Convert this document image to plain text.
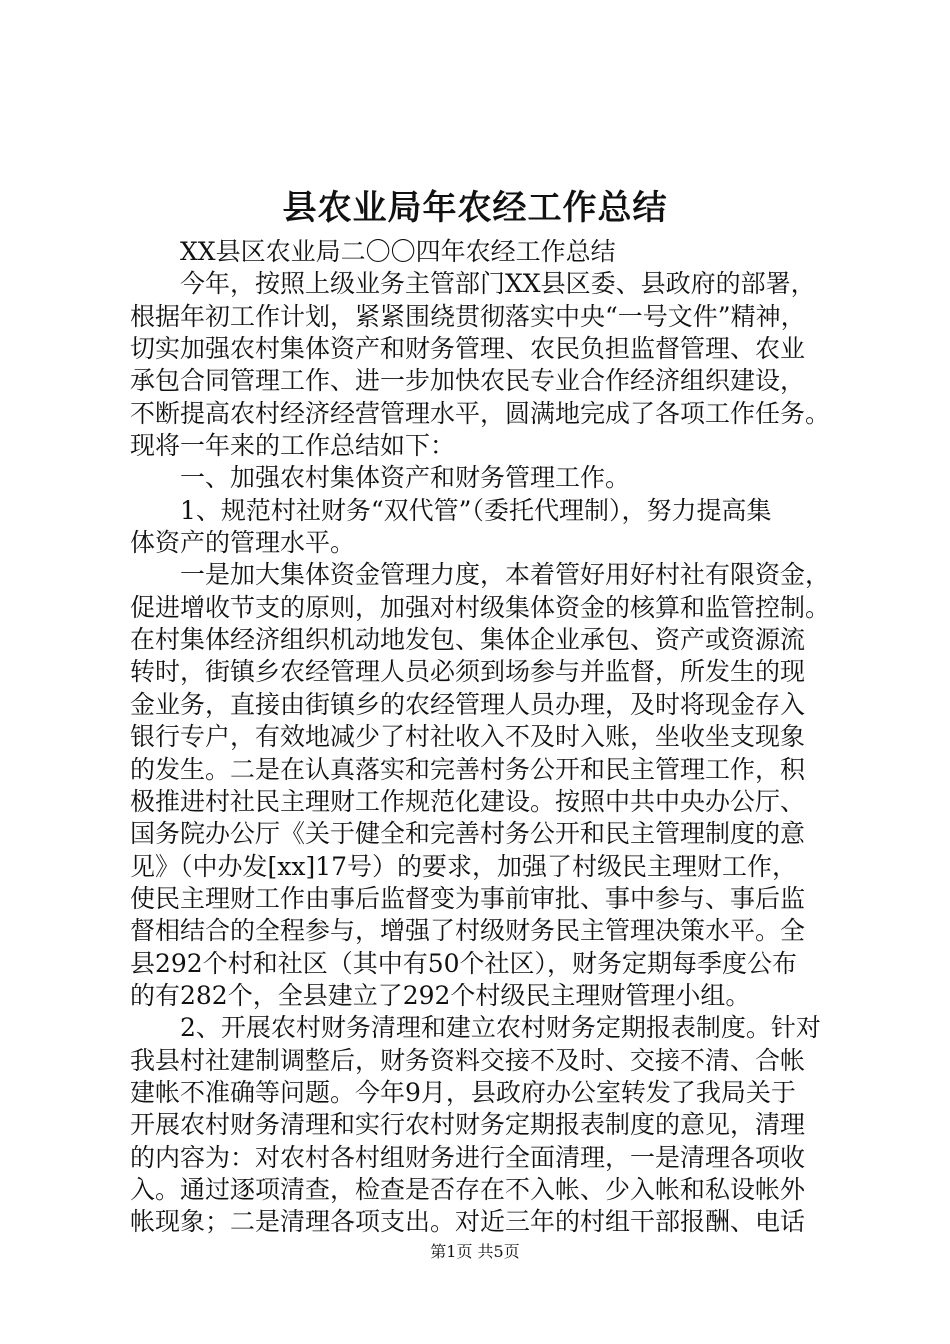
县农业局年农经工作总结
XX县区农业局二〇〇四年农经工作总结
今年，按照上级业务主管部门XX县区委、县政府的部署，
根据年初工作计划，紧紧围绕贯彻落实中央“一号文件”精神，
切实加强农村集体资产和财务管理、农民负担监督管理、农业
承包合同管理工作、进一步加快农民专业合作经济组织建设，
不断提高农村经济经营管理水平，圆满地完成了各项工作任务。
现将一年来的工作总结如下：
一、加强农村集体资产和财务管理工作。
1、规范村社财务“双代管”（委托代理制），努力提高集
体资产的管理水平。
一是加大集体资金管理力度，本着管好用好村社有限资金，
促进增收节支的原则，加强对村级集体资金的核算和监管控制。
在村集体经济组织机动地发包、集体企业承包、资产或资源流
转时，街镇乡农经管理人员必须到场参与并监督，所发生的现
金业务，直接由街镇乡的农经管理人员办理，及时将现金存入
银行专户，有效地减少了村社收入不及时入账，坐收坐支现象
的发生。二是在认真落实和完善村务公开和民主管理工作，积
极推进村社民主理财工作规范化建设。按照中共中央办公厅、
国务院办公厅《关于健全和完善村务公开和民主管理制度的意
见》（中办发[xx]17号）的要求，加强了村级民主理财工作，
使民主理财工作由事后监督变为事前审批、事中参与、事后监
督相结合的全程参与，增强了村级财务民主管理决策水平。全
县292个村和社区（其中有50个社区），财务定期每季度公布
的有282个，全县建立了292个村级民主理财管理小组。
2、开展农村财务清理和建立农村财务定期报表制度。针对
我县村社建制调整后，财务资料交接不及时、交接不清、合帐
建帐不准确等问题。今年9月，县政府办公室转发了我局关于
开展农村财务清理和实行农村财务定期报表制度的意见，清理
的内容为：对农村各村组财务进行全面清理，一是清理各项收
入。通过逐项清查，检查是否存在不入帐、少入帐和私设帐外
帐现象；二是清理各项支出。对近三年的村组干部报酬、电话
第1页 共5页
